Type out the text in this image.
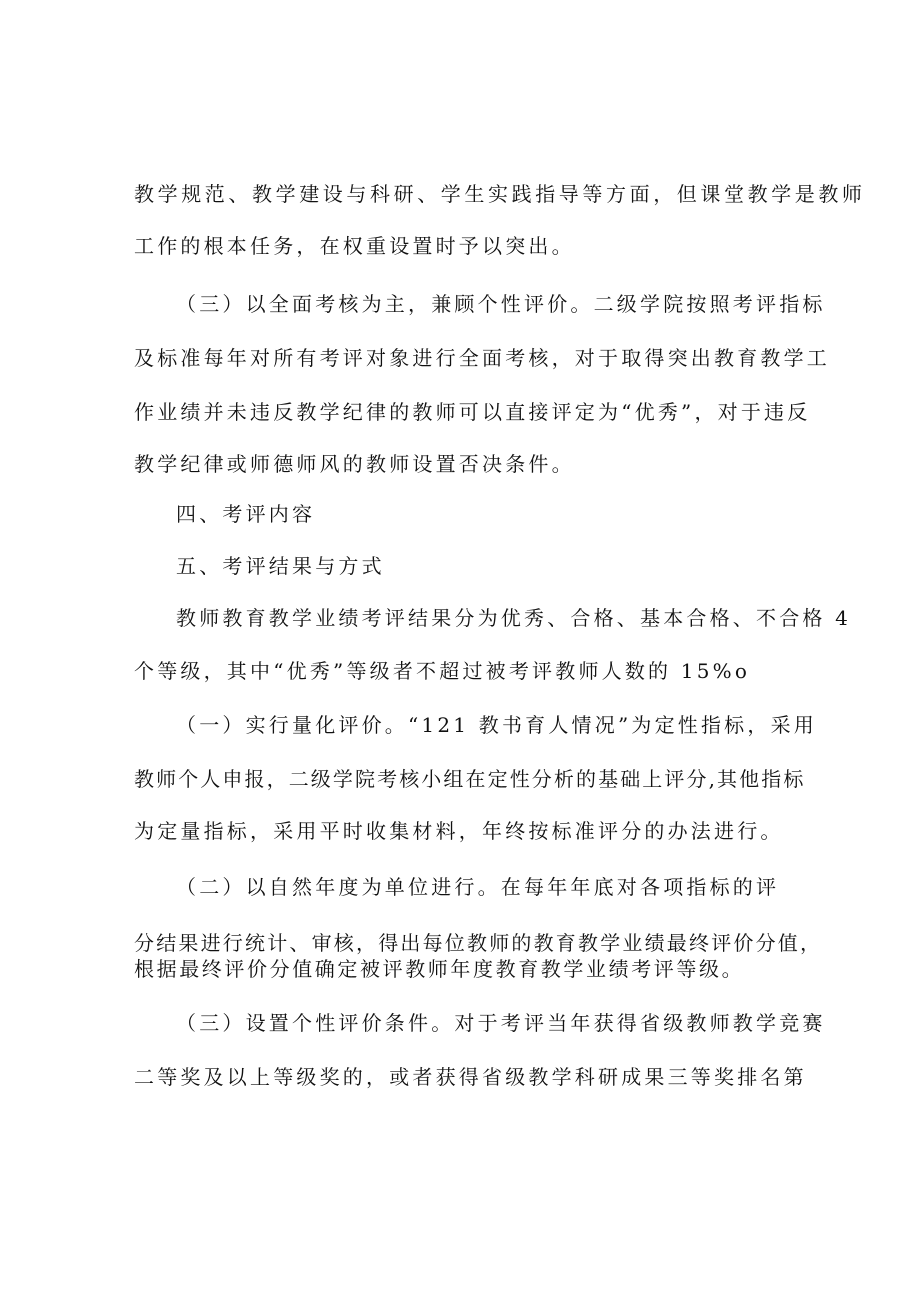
教学规范、教学建设与科研、学生实践指导等方面，但课堂教学是教师
工作的根本任务，在权重设置时予以突出。
（三）以全面考核为主，兼顾个性评价。二级学院按照考评指标
及标准每年对所有考评对象进行全面考核，对于取得突出教育教学工
作业绩并未违反教学纪律的教师可以直接评定为“优秀”，对于违反
教学纪律或师德师风的教师设置否决条件。
四、考评内容
五、考评结果与方式
教师教育教学业绩考评结果分为优秀、合格、基本合格、不合格 4
个等级，其中“优秀”等级者不超过被考评教师人数的 15%o
（一）实行量化评价。“121 教书育人情况”为定性指标，采用
教师个人申报，二级学院考核小组在定性分析的基础上评分,其他指标
为定量指标，采用平时收集材料，年终按标准评分的办法进行。
（二）以自然年度为单位进行。在每年年底对各项指标的评
分结果进行统计、审核，得出每位教师的教育教学业绩最终评价分值，
根据最终评价分值确定被评教师年度教育教学业绩考评等级。
（三）设置个性评价条件。对于考评当年获得省级教师教学竞赛
二等奖及以上等级奖的，或者获得省级教学科研成果三等奖排名第
